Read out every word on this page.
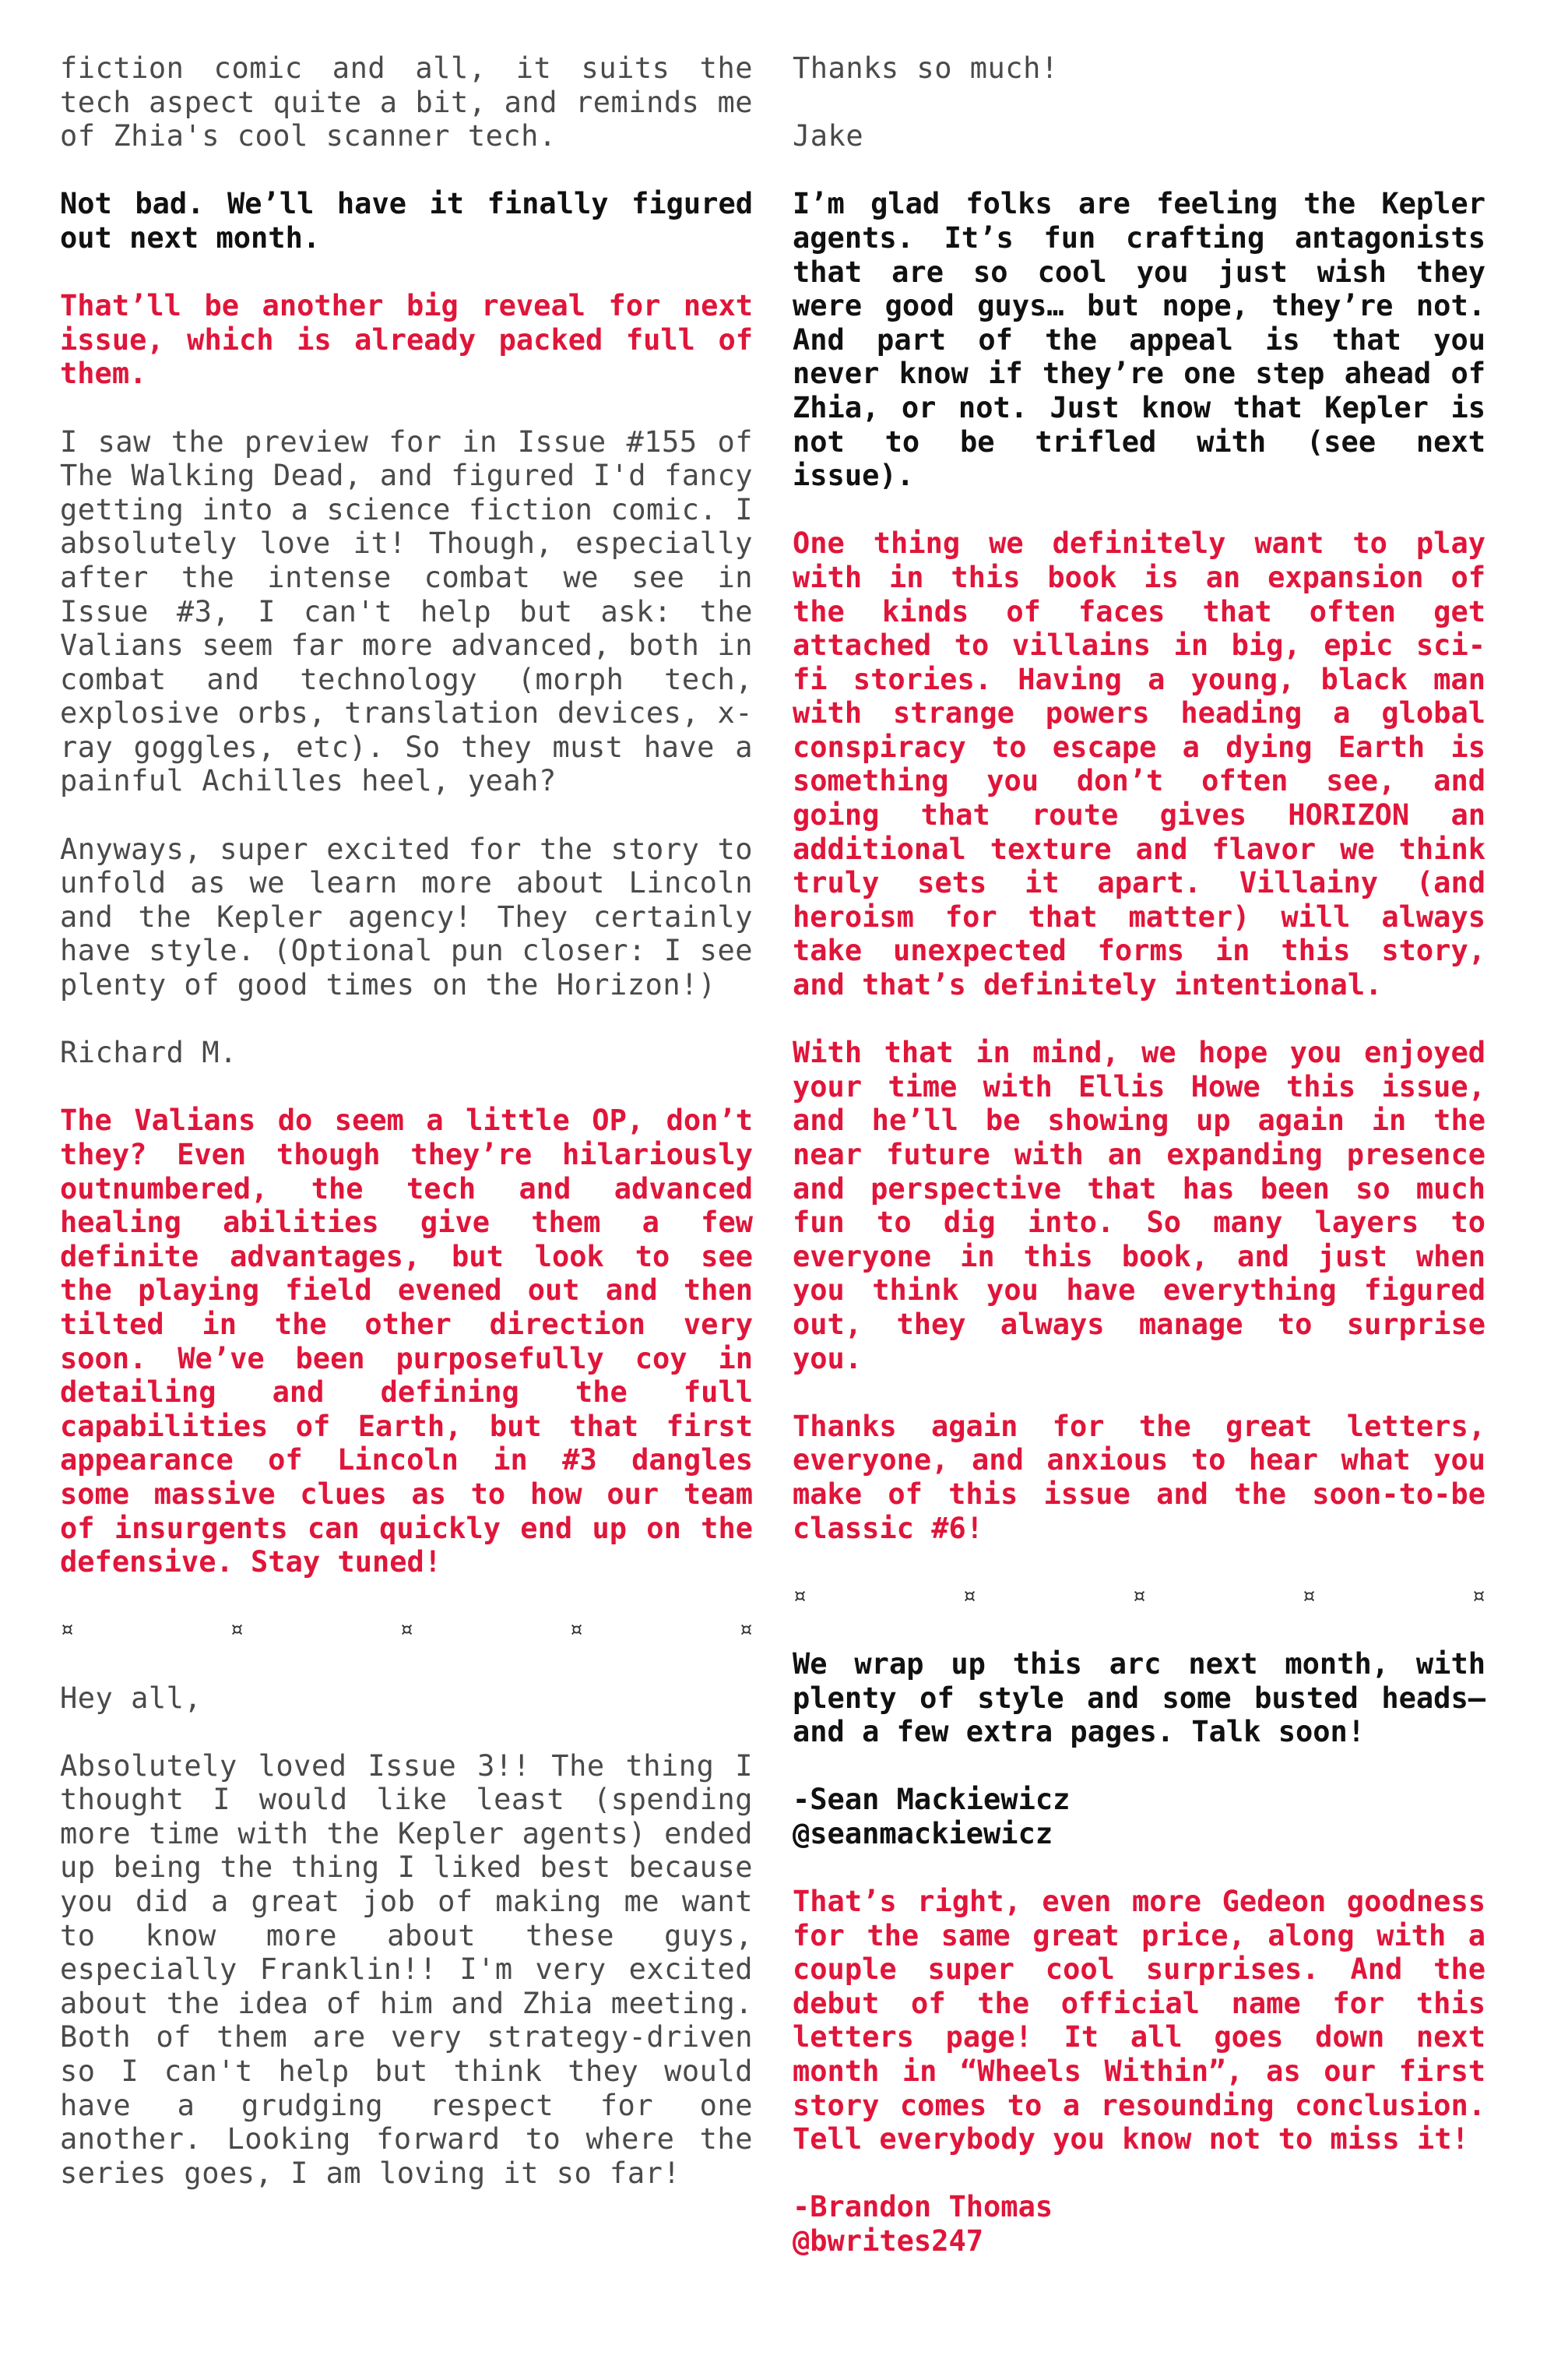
fiction comic and all, it suits the tech aspect quite a bit, and reminds me of Zhia's cool scanner tech.

Not bad. We’ll have it finally figured out next month.

That’ll be another big reveal for next issue, which is already packed full of them.

I saw the preview for in Issue #155 of The Walking Dead, and figured I'd fancy getting into a science fiction comic. I absolutely love it! Though, especially after the intense combat we see in Issue #3, I can't help but ask: the Valians seem far more advanced, both in combat and technology (morph tech, explosive orbs, translation devices, x-ray goggles, etc). So they must have a painful Achilles heel, yeah?

Anyways, super excited for the story to unfold as we learn more about Lincoln and the Kepler agency! They certainly have style. (Optional pun closer: I see plenty of good times on the Horizon!)

Richard M.

The Valians do seem a little OP, don’t they? Even though they’re hilariously outnumbered, the tech and advanced healing abilities give them a few definite advantages, but look to see the playing field evened out and then tilted in the other direction very soon. We’ve been purposefully coy in detailing and defining the full capabilities of Earth, but that first appearance of Lincoln in #3 dangles some massive clues as to how our team of insurgents can quickly end up on the defensive. Stay tuned!

¤	¤	¤	¤	¤

Hey all,

Absolutely loved Issue 3!! The thing I thought I would like least (spending more time with the Kepler agents) ended up being the thing I liked best because you did a great job of making me want to know more about these guys, especially Franklin!! I'm very excited about the idea of him and Zhia meeting. Both of them are very strategy-driven so I can't help but think they would have a grudging respect for one another. Looking forward to where the series goes, I am loving it so far!

Thanks so much!

Jake

I’m glad folks are feeling the Kepler agents. It’s fun crafting antagonists that are so cool you just wish they were good guys… but nope, they’re not. And part of the appeal is that you never know if they’re one step ahead of Zhia, or not. Just know that Kepler is not to be trifled with (see next issue).

One thing we definitely want to play with in this book is an expansion of the kinds of faces that often get attached to villains in big, epic sci-fi stories. Having a young, black man with strange powers heading a global conspiracy to escape a dying Earth is something you don’t often see, and going that route gives HORIZON an additional texture and flavor we think truly sets it apart. Villainy (and heroism for that matter) will always take unexpected forms in this story, and that’s definitely intentional.

With that in mind, we hope you enjoyed your time with Ellis Howe this issue, and he’ll be showing up again in the near future with an expanding presence and perspective that has been so much fun to dig into. So many layers to everyone in this book, and just when you think you have everything figured out, they always manage to surprise you.

Thanks again for the great letters, everyone, and anxious to hear what you make of this issue and the soon-to-be classic #6!

¤	¤	¤	¤	¤

We wrap up this arc next month, with plenty of style and some busted heads—and a few extra pages. Talk soon!

-Sean Mackiewicz
@seanmackiewicz

That’s right, even more Gedeon goodness for the same great price, along with a couple super cool surprises. And the debut of the official name for this letters page! It all goes down next month in “Wheels Within”, as our first story comes to a resounding conclusion. Tell everybody you know not to miss it!

-Brandon Thomas
@bwrites247
